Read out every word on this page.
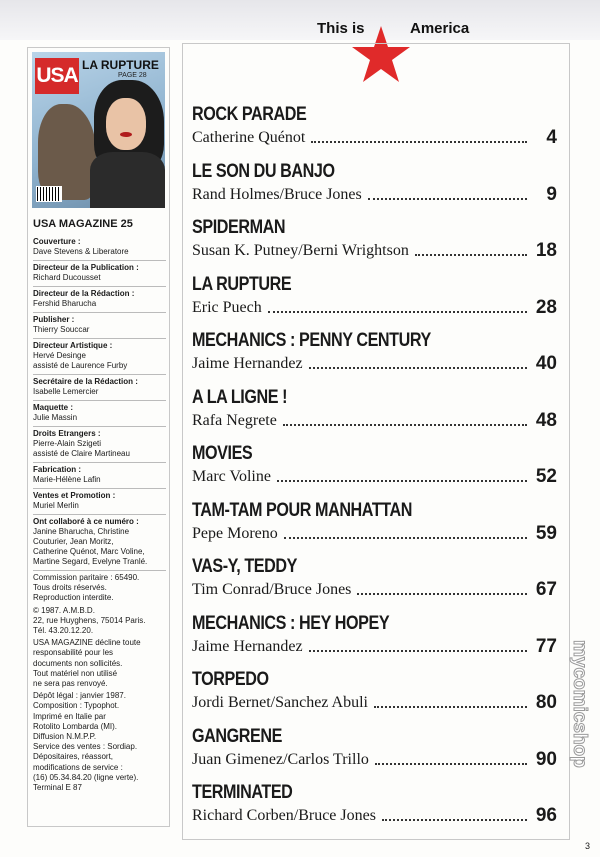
This is	America
USA LA RUPTURE
PAGE 28
USA MAGAZINE 25
Couverture :
Dave Stevens & Liberatore
Directeur de la Publication :
Richard Ducousset
Directeur de la Rédaction :
Fershid Bharucha
Publisher :
Thierry Souccar
Directeur Artistique :
Hervé Desinge
assisté de Laurence Furby
Secrétaire de la Rédaction :
Isabelle Lemercier
Maquette :
Julie Massin
Droits Etrangers :
Pierre-Alain Szigeti
assisté de Claire Martineau
Fabrication :
Marie-Hélène Lafin
Ventes et Promotion :
Muriel Merlin
Ont collaboré à ce numéro :
Janine Bharucha, Christine
Couturier, Jean Moritz,
Catherine Quénot, Marc Voline,
Martine Segard, Evelyne Tranlé.

Commission paritaire : 65490.
Tous droits réservés.
Reproduction interdite.

© 1987. A.M.B.D.
22, rue Huyghens, 75014 Paris.
Tél. 43.20.12.20.

USA MAGAZINE décline toute
responsabilité pour les
documents non sollicités.
Tout matériel non utilisé
ne sera pas renvoyé.

Dépôt légal : janvier 1987.
Composition : Typophot.
Imprimé en Italie par
Rotolito Lombarda (MI).
Diffusion N.M.P.P.
Service des ventes : Sordiap.
Dépositaires, réassort,
modifications de service :
(16) 05.34.84.20 (ligne verte).
Terminal E 87

ROCK PARADE
Catherine Quénot	4
LE SON DU BANJO
Rand Holmes/Bruce Jones	9
SPIDERMAN
Susan K. Putney/Berni Wrightson	18
LA RUPTURE
Eric Puech	28
MECHANICS : PENNY CENTURY
Jaime Hernandez	40
A LA LIGNE !
Rafa Negrete	48
MOVIES
Marc Voline	52
TAM-TAM POUR MANHATTAN
Pepe Moreno	59
VAS-Y, TEDDY
Tim Conrad/Bruce Jones	67
MECHANICS : HEY HOPEY
Jaime Hernandez	77
TORPEDO
Jordi Bernet/Sanchez Abuli	80
GANGRENE
Juan Gimenez/Carlos Trillo	90
TERMINATED
Richard Corben/Bruce Jones	96
mycomicshop
3
